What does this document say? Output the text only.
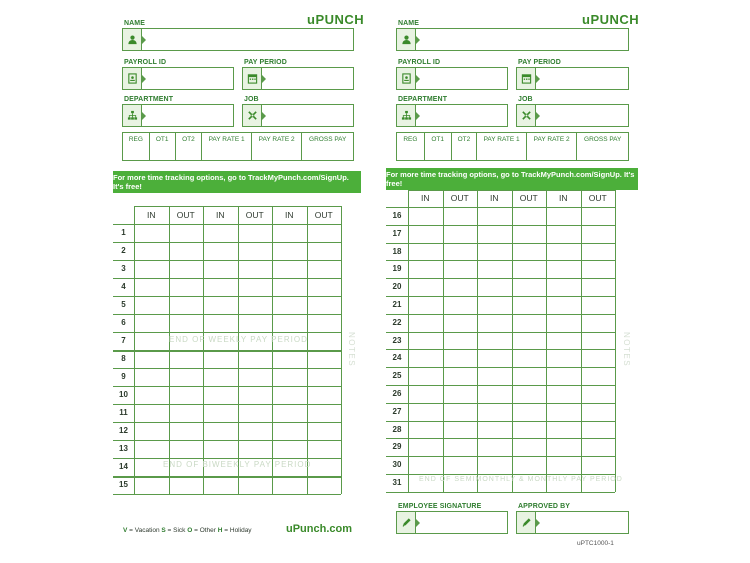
uPUNCH
NAME
PAYROLL ID	PAY PERIOD
DEPARTMENT	JOB
REG	OT1	OT2	PAY RATE 1	PAY RATE 2	GROSS PAY
For more time tracking options, go to TrackMyPunch.com/SignUp. It's free!
IN	OUT	IN	OUT	IN	OUT
1
2
3
4
5
6
7
8
9
10
11
12
13
14
15
END OF WEEKLY PAY PERIOD
END OF BIWEEKLY PAY PERIOD
NOTES
V = Vacation S = Sick O = Other H = Holiday	uPunch.com
uPUNCH
NAME
PAYROLL ID	PAY PERIOD
DEPARTMENT	JOB
REG	OT1	OT2	PAY RATE 1	PAY RATE 2	GROSS PAY
For more time tracking options, go to TrackMyPunch.com/SignUp. It's free!
IN	OUT	IN	OUT	IN	OUT
16
17
18
19
20
21
22
23
24
25
26
27
28
29
30
31	END OF SEMIMONTHLY & MONTHLY PAY PERIOD
NOTES
EMPLOYEE SIGNATURE	APPROVED BY
uPTC1000-1
